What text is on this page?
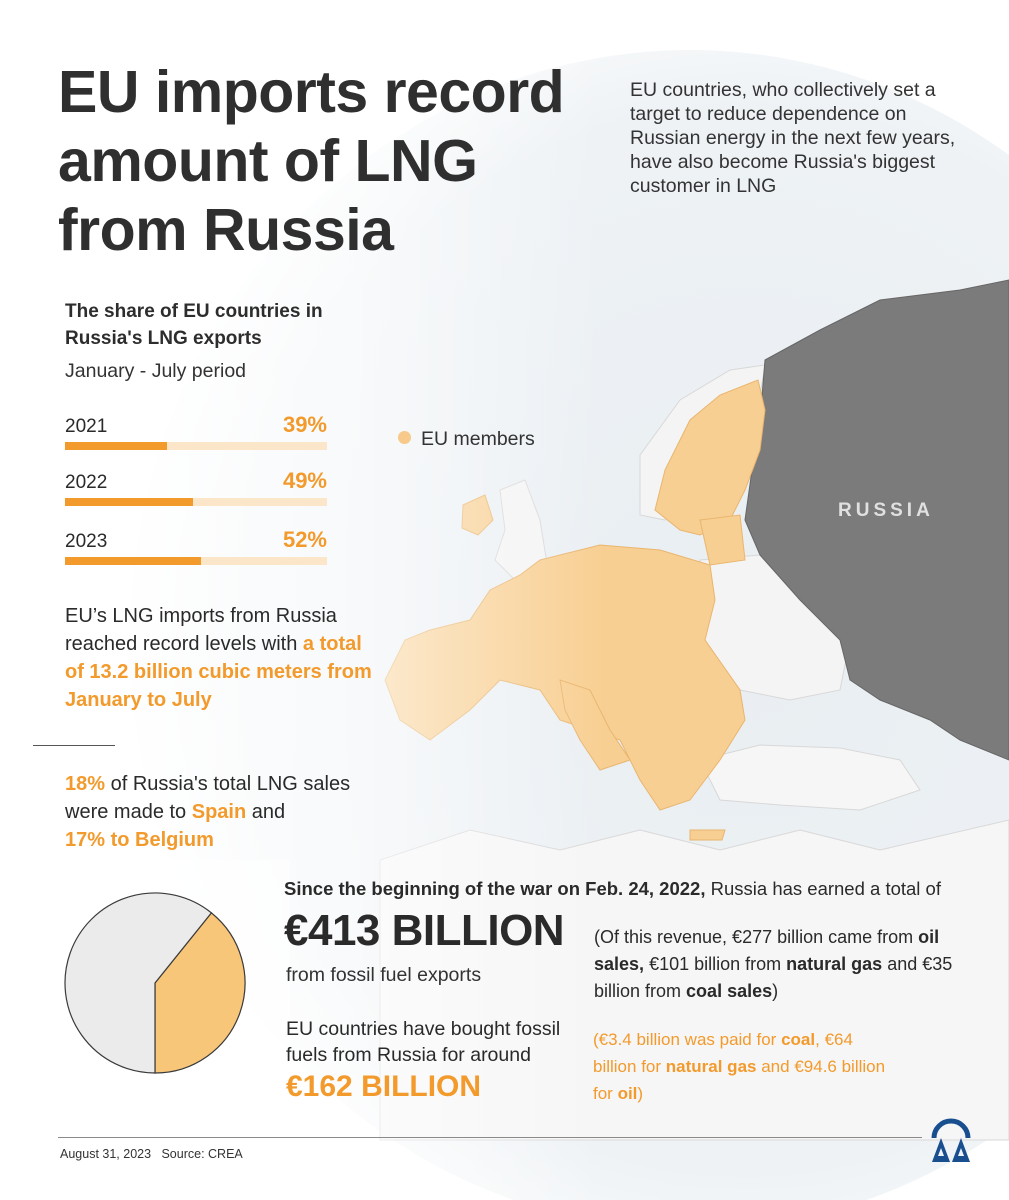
EU imports record amount of LNG from Russia
EU countries, who collectively set a target to reduce dependence on Russian energy in the next few years, have also become Russia's biggest customer in LNG
The share of EU countries in Russia's LNG exports
January - July period
2021	39%
2022	49%
2023	52%
EU members
RUSSIA
EU’s LNG imports from Russia reached record levels with a total of 13.2 billion cubic meters from January to July
18% of Russia's total LNG sales were made to Spain and
17% to Belgium
Since the beginning of the war on Feb. 24, 2022, Russia has earned a total of
€413 BILLION
from fossil fuel exports
(Of this revenue, €277 billion came from oil sales, €101 billion from natural gas and €35 billion from coal sales)
EU countries have bought fossil fuels from Russia for around
€162 BILLION
(€3.4 billion was paid for coal, €64 billion for natural gas and €94.6 billion for oil)
August 31, 2023 Source: CREA
